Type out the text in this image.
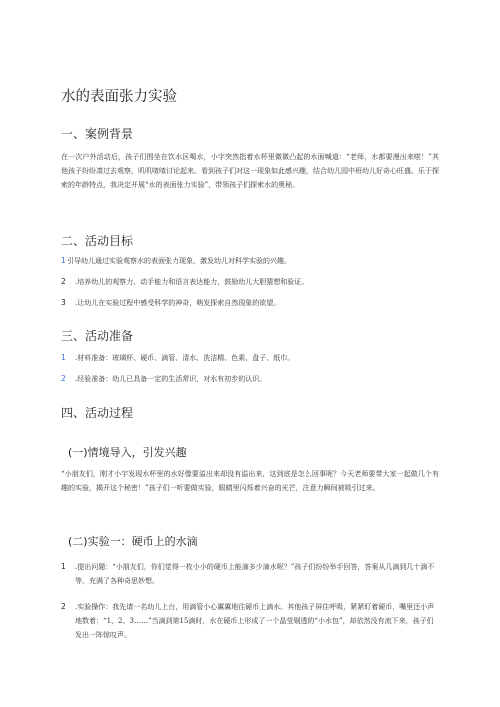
水的表面张力实验
一、案例背景
在一次户外活动后，孩子们围坐在饮水区喝水，小宇突然指着水杯里微微凸起的水面喊道：“老师，水都要漫出来啦！”其他孩子纷纷凑过去观察，叽叽喳喳讨论起来。看到孩子们对这一现象如此感兴趣，结合幼儿园中班幼儿好奇心旺盛、乐于探索的年龄特点，我决定开展“水的表面张力实验”，带领孩子们探索水的奥秘。
二、活动目标
1引导幼儿通过实验观察水的表面张力现象，激发幼儿对科学实验的兴趣。
2 .培养幼儿的观察力、动手能力和语言表达能力，鼓励幼儿大胆猜想和验证。
3 .让幼儿在实验过程中感受科学的神奇，萌发探索自然现象的欲望。
三、活动准备
1 .材料准备：玻璃杯、硬币、滴管、清水、洗洁精、色素、盘子、纸巾。
2 .经验准备：幼儿已具备一定的生活常识，对水有初步的认识。
四、活动过程
(一)情境导入，引发兴趣
“小朋友们，刚才小宇发现水杯里的水好像要溢出来却没有溢出来，这到底是怎么回事呢？今天老师要带大家一起做几个有趣的实验，揭开这个秘密！”孩子们一听要做实验，眼睛里闪烁着兴奋的光芒，注意力瞬间被吸引过来。
(二)实验一：硬币上的水滴
1 .提出问题：“小朋友们，你们觉得一枚小小的硬币上能滴多少滴水呢？”孩子们纷纷举手回答，答案从几滴到几十滴不等，充满了各种奇思妙想。
2 .实验操作：我先请一名幼儿上台，用滴管小心翼翼地往硬币上滴水。其他孩子屏住呼吸，紧紧盯着硬币，嘴里还小声地数着：“1、2、3……”当滴到第15滴时，水在硬币上形成了一个晶莹剔透的“小水包”，却依然没有流下来，孩子们发出一阵惊叹声。
